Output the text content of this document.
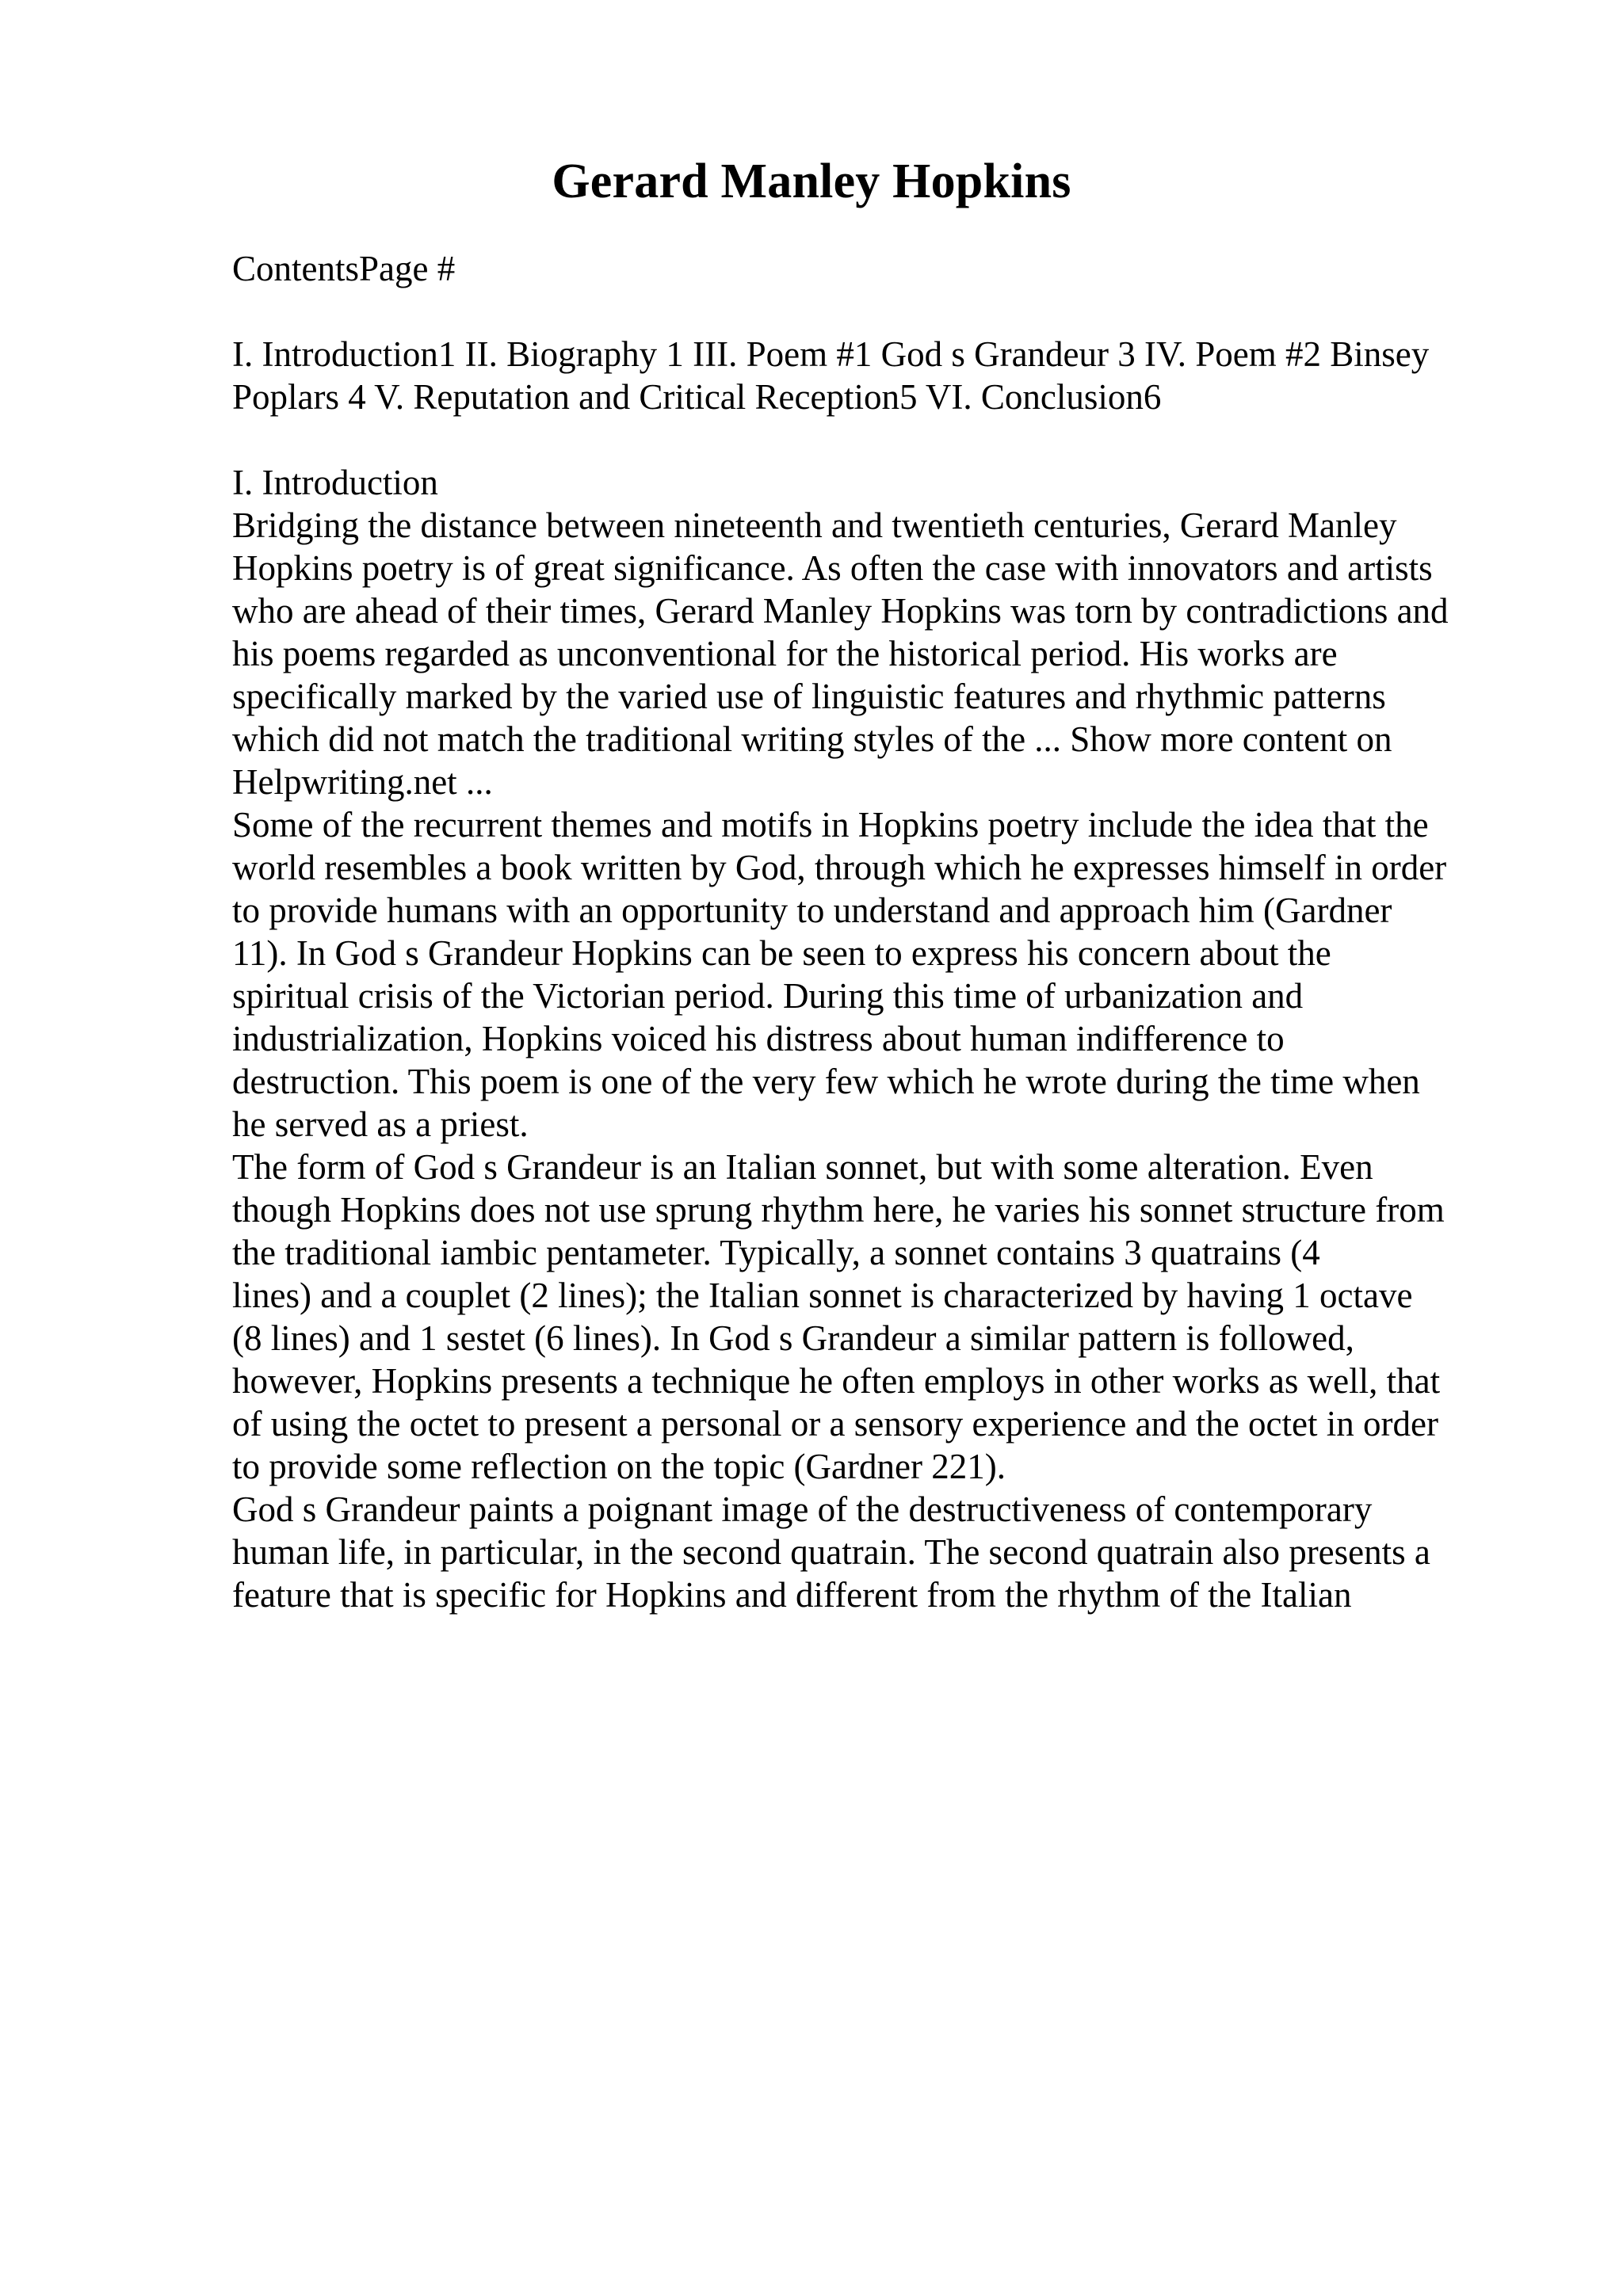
Gerard Manley Hopkins

ContentsPage #

I. Introduction1 II. Biography 1 III. Poem #1 God s Grandeur 3 IV. Poem #2 Binsey
Poplars 4 V. Reputation and Critical Reception5 VI. Conclusion6
I. Introduction
Bridging the distance between nineteenth and twentieth centuries, Gerard Manley
Hopkins poetry is of great significance. As often the case with innovators and artists
who are ahead of their times, Gerard Manley Hopkins was torn by contradictions and
his poems regarded as unconventional for the historical period. His works are
specifically marked by the varied use of linguistic features and rhythmic patterns
which did not match the traditional writing styles of the ... Show more content on
Helpwriting.net ...
Some of the recurrent themes and motifs in Hopkins poetry include the idea that the
world resembles a book written by God, through which he expresses himself in order
to provide humans with an opportunity to understand and approach him (Gardner
11). In God s Grandeur Hopkins can be seen to express his concern about the
spiritual crisis of the Victorian period. During this time of urbanization and
industrialization, Hopkins voiced his distress about human indifference to
destruction. This poem is one of the very few which he wrote during the time when
he served as a priest.
The form of God s Grandeur is an Italian sonnet, but with some alteration. Even
though Hopkins does not use sprung rhythm here, he varies his sonnet structure from
the traditional iambic pentameter. Typically, a sonnet contains 3 quatrains (4
lines) and a couplet (2 lines); the Italian sonnet is characterized by having 1 octave
(8 lines) and 1 sestet (6 lines). In God s Grandeur a similar pattern is followed,
however, Hopkins presents a technique he often employs in other works as well, that
of using the octet to present a personal or a sensory experience and the octet in order
to provide some reflection on the topic (Gardner 221).
God s Grandeur paints a poignant image of the destructiveness of contemporary
human life, in particular, in the second quatrain. The second quatrain also presents a
feature that is specific for Hopkins and different from the rhythm of the Italian
